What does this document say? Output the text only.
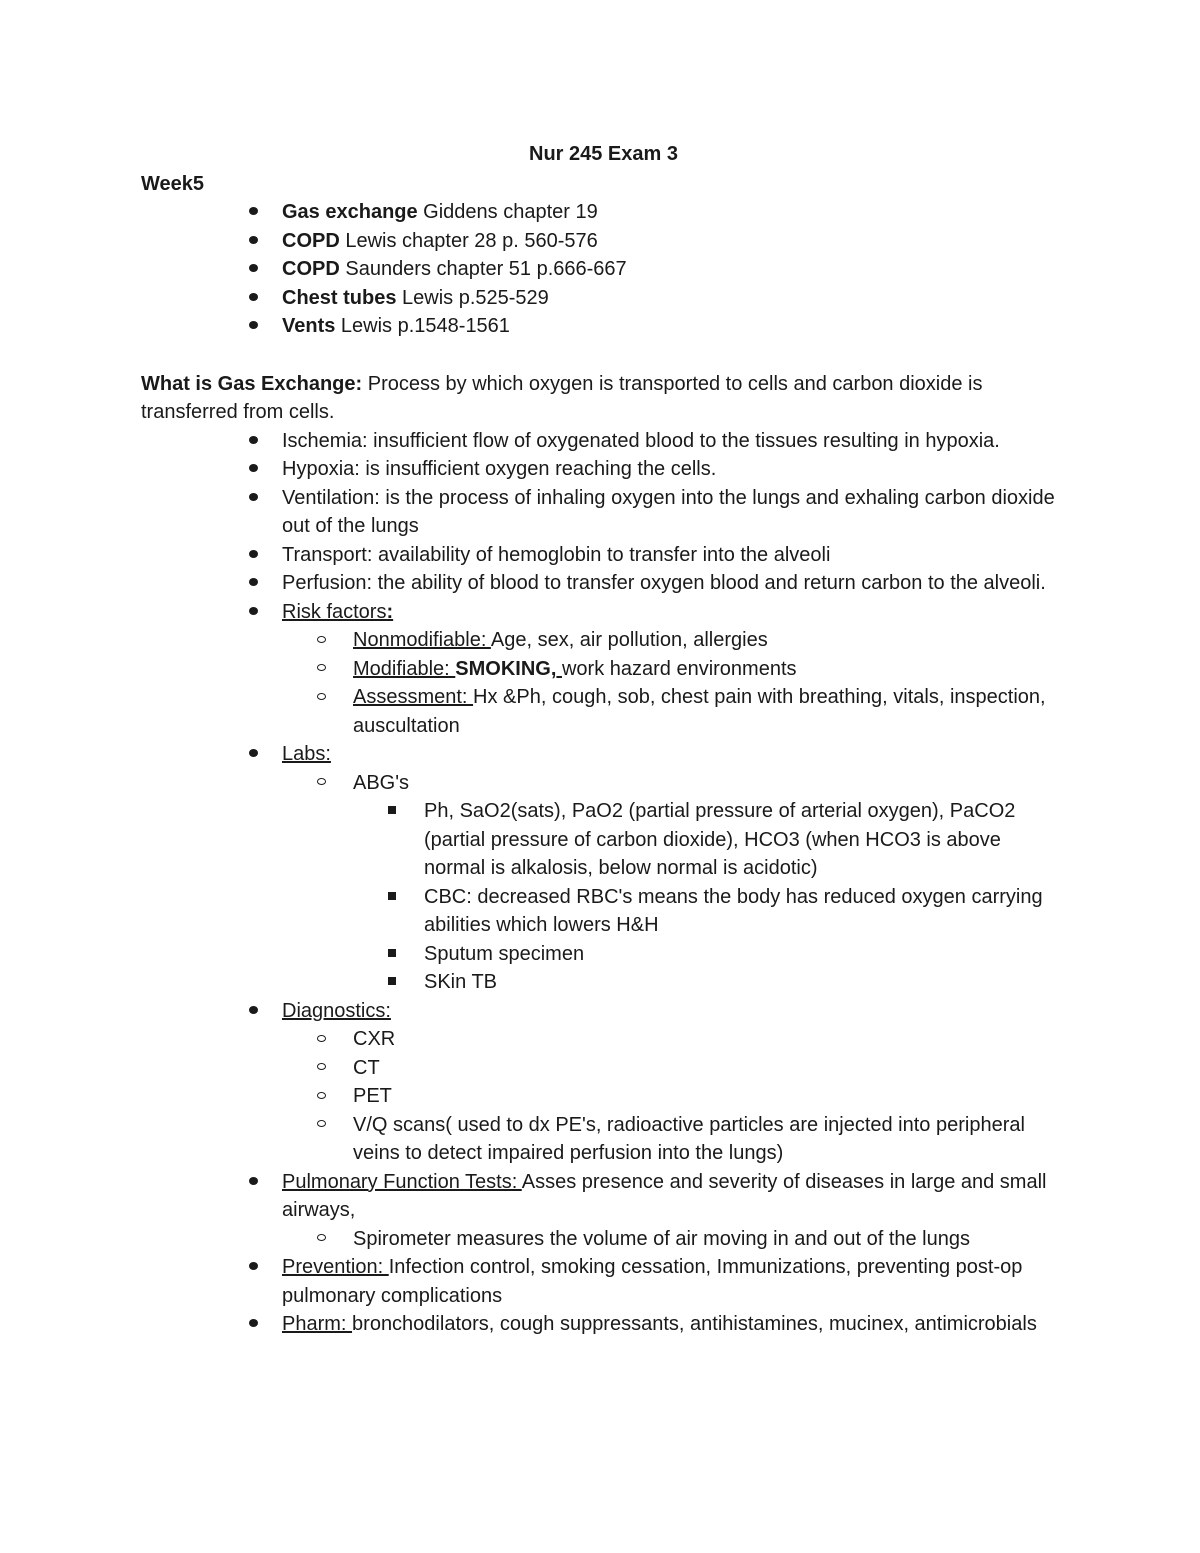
Nur 245 Exam 3

Week5

Gas exchange Giddens chapter 19
COPD Lewis chapter 28 p. 560-576
COPD Saunders chapter 51 p.666-667
Chest tubes Lewis p.525-529
Vents Lewis p.1548-1561

What is Gas Exchange: Process by which oxygen is transported to cells and carbon dioxide is transferred from cells.

Ischemia: insufficient flow of oxygenated blood to the tissues resulting in hypoxia.
Hypoxia: is insufficient oxygen reaching the cells.
Ventilation: is the process of inhaling oxygen into the lungs and exhaling carbon dioxide out of the lungs
Transport: availability of hemoglobin to transfer into the alveoli
Perfusion: the ability of blood to transfer oxygen blood and return carbon to the alveoli.
Risk factors:
Nonmodifiable: Age, sex, air pollution, allergies
Modifiable: SMOKING, work hazard environments
Assessment: Hx &Ph, cough, sob, chest pain with breathing, vitals, inspection, auscultation
Labs:
ABG's
Ph, SaO2(sats), PaO2 (partial pressure of arterial oxygen), PaCO2 (partial pressure of carbon dioxide), HCO3 (when HCO3 is above normal is alkalosis, below normal is acidotic)
CBC: decreased RBC's means the body has reduced oxygen carrying abilities which lowers H&H
Sputum specimen
SKin TB
Diagnostics:
CXR
CT
PET
V/Q scans( used to dx PE's, radioactive particles are injected into peripheral veins to detect impaired perfusion into the lungs)
Pulmonary Function Tests: Asses presence and severity of diseases in large and small airways,
Spirometer measures the volume of air moving in and out of the lungs
Prevention: Infection control, smoking cessation, Immunizations, preventing post-op pulmonary complications
Pharm: bronchodilators, cough suppressants, antihistamines, mucinex, antimicrobials
